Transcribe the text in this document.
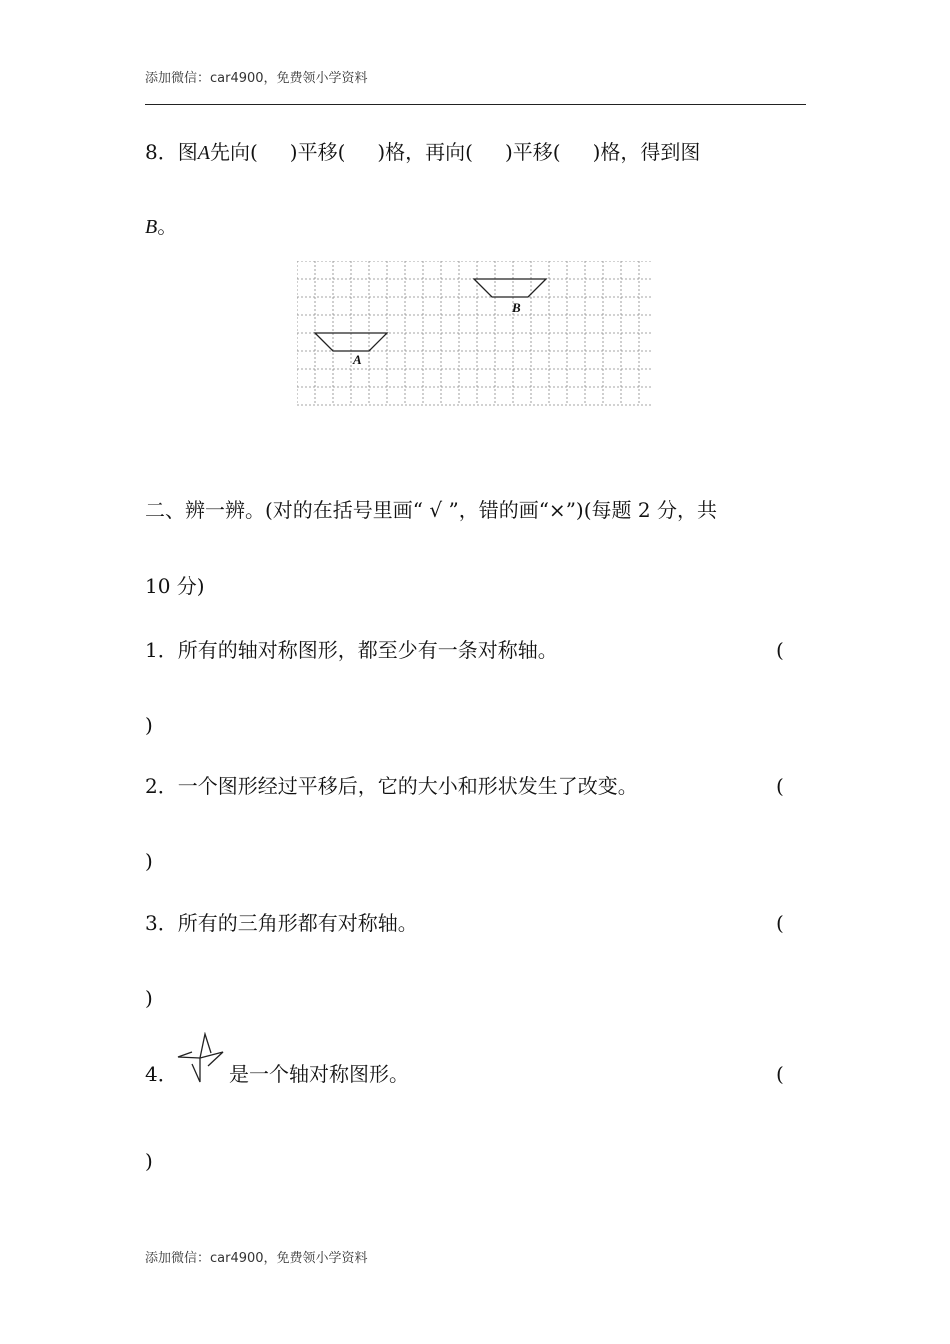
添加微信：car4900，免费领小学资料
8．图A先向( )平移( )格，再向( )平移( )格，得到图
B。
B
A
二、辨一辨。(对的在括号里画“ √ ”，错的画“×”)(每题 2 分，共
10 分)
1．所有的轴对称图形，都至少有一条对称轴。	(
)
2．一个图形经过平移后，它的大小和形状发生了改变。	(
)
3．所有的三角形都有对称轴。	(
)
4．	是一个轴对称图形。	(
)
添加微信：car4900，免费领小学资料
